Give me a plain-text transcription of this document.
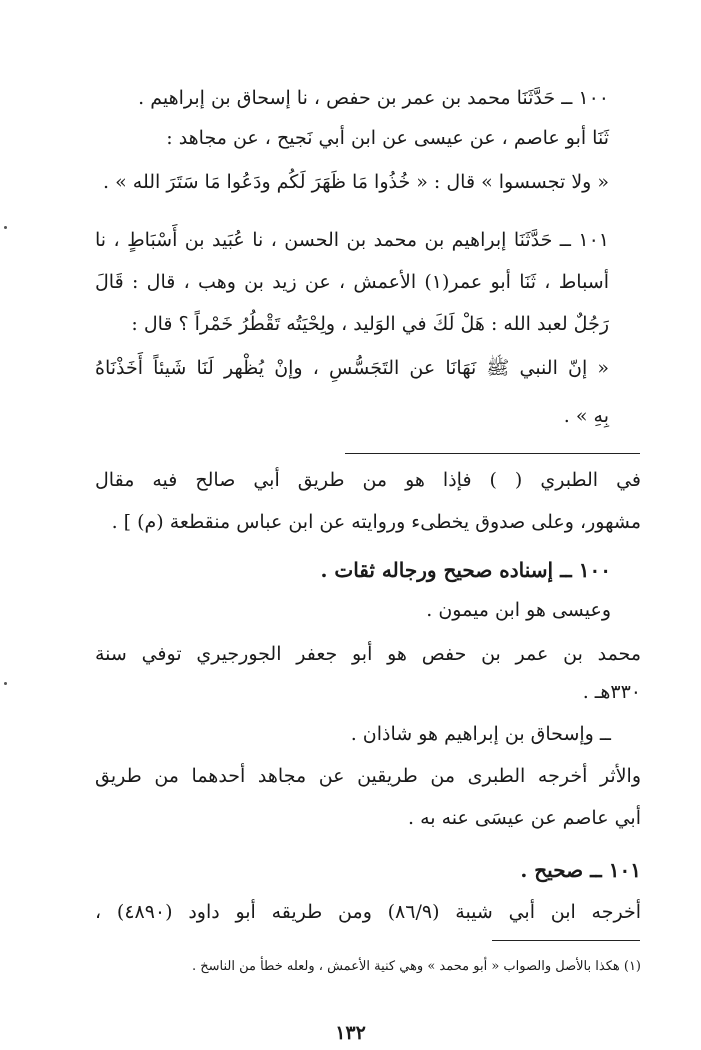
١٠٠ ــ حَدَّثَنَا محمد بن عمر بن حفص ، نا إسحاق بن إبراهيم .
ثَنَا أبو عاصم ، عن عيسى عن ابن أبي نَجيح ، عن مجاهد :
« ولا تجسسوا » قال : « خُذُوا مَا ظَهَرَ لَكُم ودَعُوا مَا سَتَرَ الله » .
١٠١ ــ حَدَّثَنَا إبراهيم بن محمد بن الحسن ، نا عُبَيد بن أَسْبَاطٍ ، نا
أسباط ، ثَنَا أبو عمر(١) الأعمش ، عن زيد بن وهب ، قال : قَالَ
رَجُلٌ لعبد الله : هَلْ لَكَ في الوَليد ، ولِحْيَتُه تَقْطُرُ خَمْراً ؟ قال :
« إنّ النبي ﷺ نَهَانَا عن التَجَسُّسِ ، وإنْ يُظْهر لَنَا شَيئاً أَخَذْنَاهُ
بِهِ » .
في الطبري ( ) فإذا هو من طريق أبي صالح فيه مقال
مشهور، وعلى صدوق يخطىء وروايته عن ابن عباس منقطعة (م) ] .
١٠٠ ــ إسناده صحيح ورجاله ثقات .
وعيسى هو ابن ميمون .
محمد بن عمر بن حفص هو أبو جعفر الجورجيري توفي سنة
٣٣٠هـ .
ــ وإسحاق بن إبراهيم هو شاذان .
والأثر أخرجه الطبرى من طريقين عن مجاهد أحدهما من طريق
أبي عاصم عن عيسَى عنه به .
١٠١ ــ صحيح .
أخرجه ابن أبي شيبة (٨٦/٩) ومن طريقه أبو داود (٤٨٩٠) ،
(١) هكذا بالأصل والصواب « أبو محمد » وهي كنية الأعمش ، ولعله خطأ من الناسخ .
١٣٢
